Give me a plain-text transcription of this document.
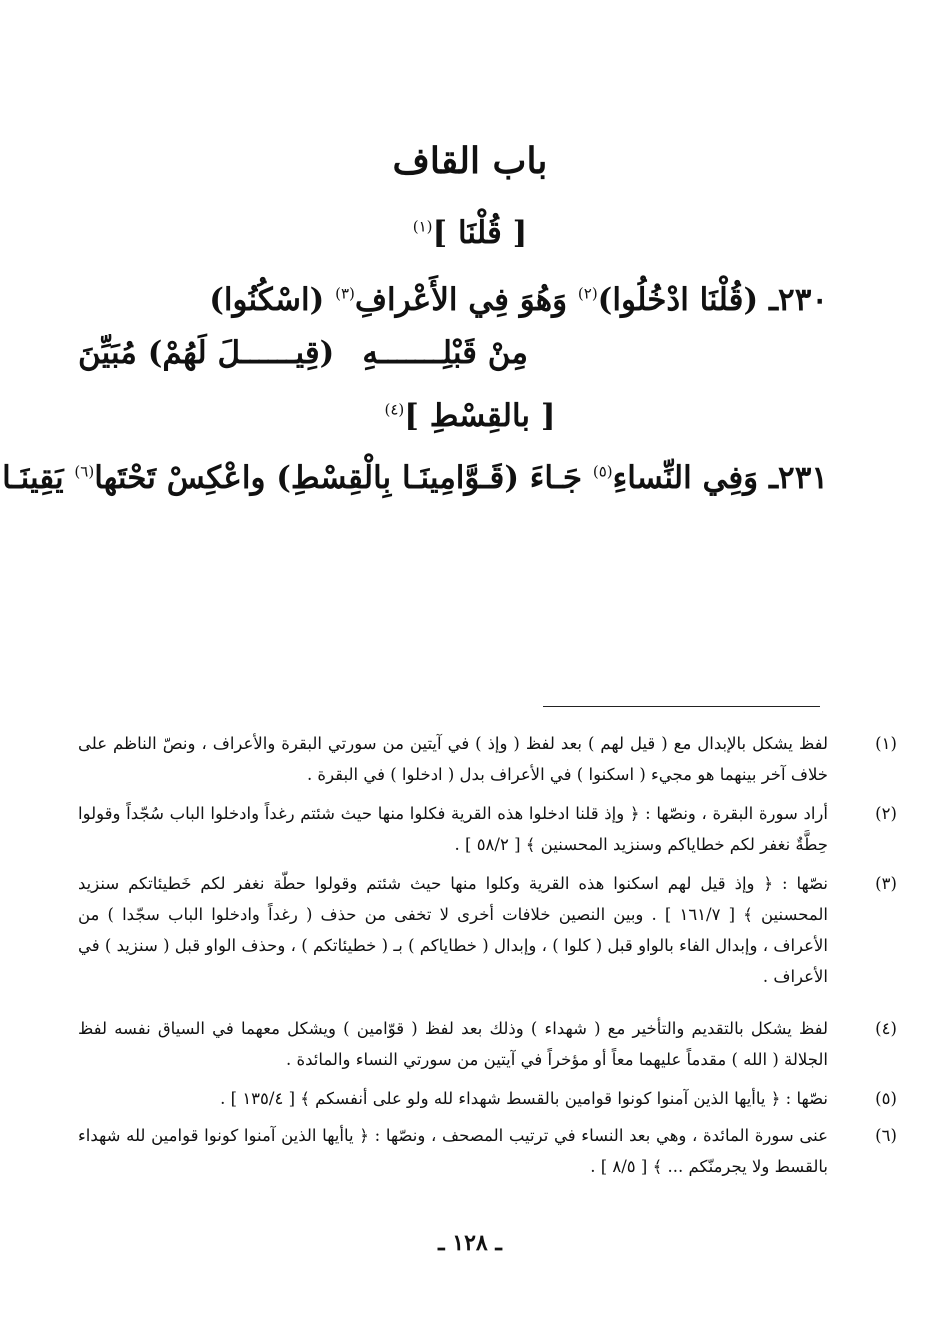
باب القاف
[ قُلْنَا ]$^{(١)}$
٢٣٠ـ (قُلْنَا ادْخُلُوا)$^{(٢)}$ وَهُوَ فِي الأَعْرافِ$^{(٣)}$ (اسْكُنُوا)
مِنْ قَبْلِـــــــهِ
(قِيــــــلَ لَهُمْ) مُبَيِّنَ
[ بالقِسْطِ ]$^{(٤)}$
٢٣١ـ وَفِي النِّساءِ$^{(٥)}$ جَـاءَ (قَـوَّامِينَـا بِالْقِسْطِ) واعْكِسْ تَحْتَها$^{(٦)}$ يَقِينَـا
(١)
لفظ يشكل بالإبدال مع ( قيل لهم ) بعد لفظ ( وإذ ) في آيتين من سورتي البقرة والأعراف ، ونصّ الناظم على خلاف آخر بينهما هو مجيء ( اسكنوا ) في الأعراف بدل ( ادخلوا ) في البقرة .
(٢)
أراد سورة البقرة ، ونصّها : ﴿ وإذ قلنا ادخلوا هذه القرية فكلوا منها حيث شئتم رغداً وادخلوا الباب سُجّداً وقولوا حِطَّةٌ نغفر لكم خطاياكم وسنزيد المحسنين ﴾ [ ٥٨/٢ ] .
(٣)
نصّها : ﴿ وإذ قيل لهم اسكنوا هذه القرية وكلوا منها حيث شئتم وقولوا حطّة نغفر لكم خَطيئاتكم سنزيد المحسنين ﴾ [ ١٦١/٧ ] . وبين النصين خلافات أخرى لا تخفى من حذف ( رغداً وادخلوا الباب سجّدا ) من الأعراف ، وإبدال الفاء بالواو قبل ( كلوا ) ، وإبدال ( خطاياكم ) بـ ( خطيئاتكم ) ، وحذف الواو قبل ( سنزيد ) في الأعراف .
(٤)
لفظ يشكل بالتقديم والتأخير مع ( شهداء ) وذلك بعد لفظ ( قوّامين ) ويشكل معهما في السياق نفسه لفظ الجلالة ( الله ) مقدماً عليهما معاً أو مؤخراً في آيتين من سورتي النساء والمائدة .
(٥)
نصّها : ﴿ ياأيها الذين آمنوا كونوا قوامين بالقسط شهداء لله ولو على أنفسكم ﴾ [ ١٣٥/٤ ] .
(٦)
عنى سورة المائدة ، وهي بعد النساء في ترتيب المصحف ، ونصّها : ﴿ ياأيها الذين آمنوا كونوا قوامين لله شهداء بالقسط ولا يجرمنّكم ... ﴾ [ ٨/٥ ] .
ـ ١٢٨ ـ
